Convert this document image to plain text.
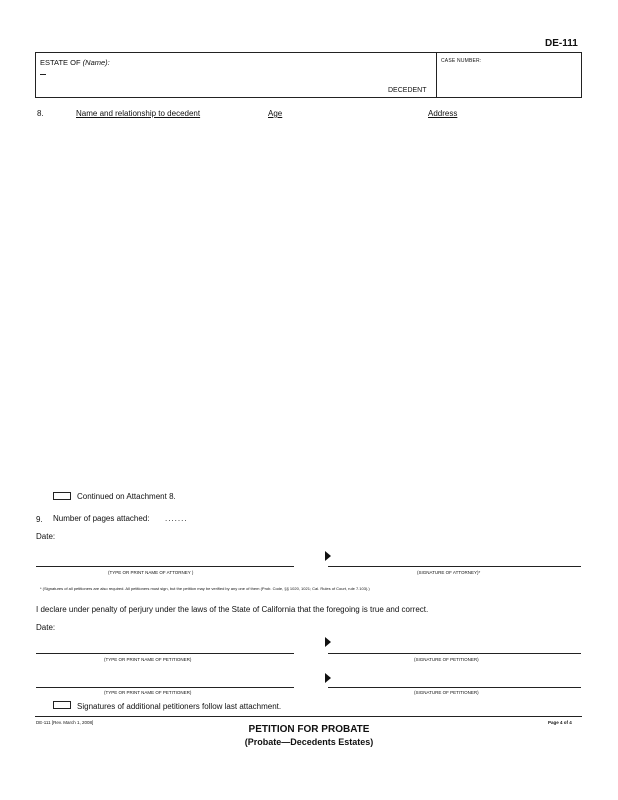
DE-111
ESTATE OF (Name):
DECEDENT
CASE NUMBER:
8.	Name and relationship to decedent	Age	Address
Continued on Attachment 8.
9. Number of pages attached: .......
Date:
(TYPE OR PRINT NAME OF ATTORNEY )	(SIGNATURE OF ATTORNEY)*
* (Signatures of all petitioners are also required. All petitioners must sign, but the petition may be verified by any one of them (Prob. Code, §§ 1020, 1021; Cal. Rules of Court, rule 7.103).)
I declare under penalty of perjury under the laws of the State of California that the foregoing is true and correct.
Date:
(TYPE OR PRINT NAME OF PETITIONER)	(SIGNATURE OF PETITIONER)
(TYPE OR PRINT NAME OF PETITIONER)	(SIGNATURE OF PETITIONER)
Signatures of additional petitioners follow last attachment.
DE-111 [Rev. March 1, 2008]	Page 4 of 4
PETITION FOR PROBATE
(Probate—Decedents Estates)
